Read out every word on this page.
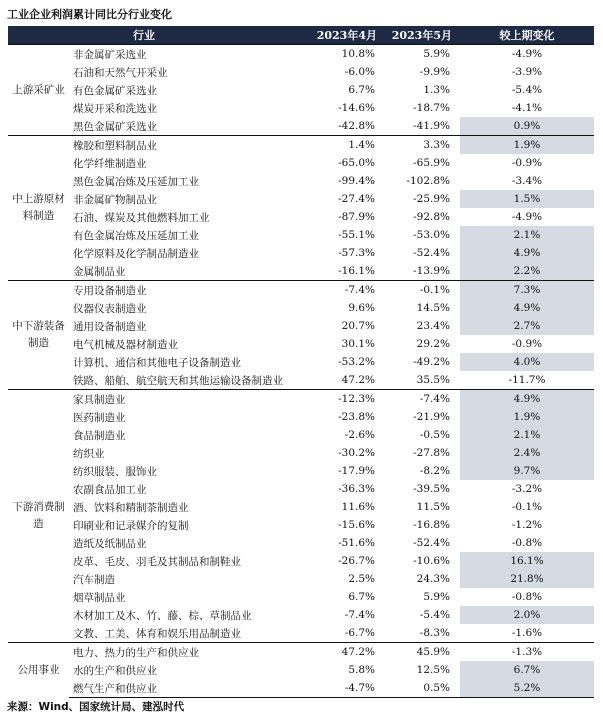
工业企业利润累计同比分行业变化
行业		2023年4月	2023年5月	较上期变化
上游采矿业	非金属矿采选业	10.8%	5.9%	-4.9%
	石油和天然气开采业	-6.0%	-9.9%	-3.9%
	有色金属矿采选业	6.7%	1.3%	-5.4%
	煤炭开采和洗选业	-14.6%	-18.7%	-4.1%
	黑色金属矿采选业	-42.8%	-41.9%	0.9%
中上游原材料制造	橡胶和塑料制品业	1.4%	3.3%	1.9%
	化学纤维制造业	-65.0%	-65.9%	-0.9%
	黑色金属冶炼及压延加工业	-99.4%	-102.8%	-3.4%
	非金属矿物制品业	-27.4%	-25.9%	1.5%
	石油、煤炭及其他燃料加工业	-87.9%	-92.8%	-4.9%
	有色金属冶炼及压延加工业	-55.1%	-53.0%	2.1%
	化学原料及化学制品制造业	-57.3%	-52.4%	4.9%
	金属制品业	-16.1%	-13.9%	2.2%
中下游装备制造	专用设备制造业	-7.4%	-0.1%	7.3%
	仪器仪表制造业	9.6%	14.5%	4.9%
	通用设备制造业	20.7%	23.4%	2.7%
	电气机械及器材制造业	30.1%	29.2%	-0.9%
	计算机、通信和其他电子设备制造业	-53.2%	-49.2%	4.0%
	铁路、船舶、航空航天和其他运输设备制造业	47.2%	35.5%	-11.7%
下游消费制造	家具制造业	-12.3%	-7.4%	4.9%
	医药制造业	-23.8%	-21.9%	1.9%
	食品制造业	-2.6%	-0.5%	2.1%
	纺织业	-30.2%	-27.8%	2.4%
	纺织服装、服饰业	-17.9%	-8.2%	9.7%
	农副食品加工业	-36.3%	-39.5%	-3.2%
	酒、饮料和精制茶制造业	11.6%	11.5%	-0.1%
	印刷业和记录媒介的复制	-15.6%	-16.8%	-1.2%
	造纸及纸制品业	-51.6%	-52.4%	-0.8%
	皮革、毛皮、羽毛及其制品和制鞋业	-26.7%	-10.6%	16.1%
	汽车制造	2.5%	24.3%	21.8%
	烟草制品业	6.7%	5.9%	-0.8%
	木材加工及木、竹、藤、棕、草制品业	-7.4%	-5.4%	2.0%
	文教、工美、体育和娱乐用品制造业	-6.7%	-8.3%	-1.6%
公用事业	电力、热力的生产和供应业	47.2%	45.9%	-1.3%
	水的生产和供应业	5.8%	12.5%	6.7%
	燃气生产和供应业	-4.7%	0.5%	5.2%
来源：Wind、国家统计局、建泓时代
